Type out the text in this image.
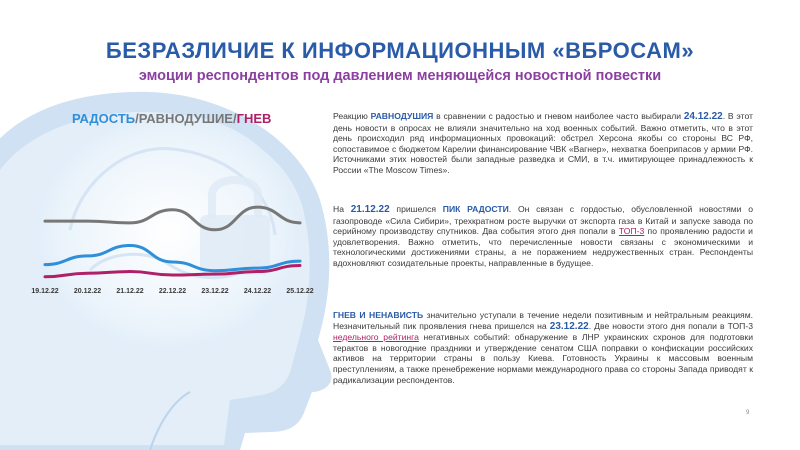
БЕЗРАЗЛИЧИЕ К ИНФОРМАЦИОННЫМ «ВБРОСАМ»
эмоции респондентов под давлением меняющейся новостной повестки
РАДОСТЬ/РАВНОДУШИЕ/ГНЕВ
19.12.22 20.12.22 21.12.22 22.12.22 23.12.22 24.12.22 25.12.22
Реакцию РАВНОДУШИЯ в сравнении с радостью и гневом наиболее часто выбирали 24.12.22. В этот день новости в опросах не влияли значительно на ход военных событий. Важно отметить, что в этот день происходил ряд информационных провокаций: обстрел Херсона якобы со стороны ВС РФ, сопоставимое с бюджетом Карелии финансирование ЧВК «Вагнер», нехватка боеприпасов у армии РФ. Источниками этих новостей были западные разведка и СМИ, в т.ч. имитирующее принадлежность к России «The Moscow Times».
На 21.12.22 пришелся ПИК РАДОСТИ. Он связан с гордостью, обусловленной новостями о газопроводе «Сила Сибири», трехкратном росте выручки от экспорта газа в Китай и запуске завода по серийному производству спутников. Два события этого дня попали в ТОП-3 по проявлению радости и удовлетворения. Важно отметить, что перечисленные новости связаны с экономическими и технологическими достижениями страны, а не поражением недружественных стран. Респонденты вдохновляют созидательные проекты, направленные в будущее.
ГНЕВ И НЕНАВИСТЬ значительно уступали в течение недели позитивным и нейтральным реакциям. Незначительный пик проявления гнева пришелся на 23.12.22. Две новости этого дня попали в ТОП-3 недельного рейтинга негативных событий: обнаружение в ЛНР украинских схронов для подготовки терактов в новогодние праздники и утверждение сенатом США поправки о конфискации российских активов на территории страны в пользу Киева. Готовность Украины к массовым военным преступлениям, а также пренебрежение нормами международного права со стороны Запада приводят к радикализации респондентов.
9
